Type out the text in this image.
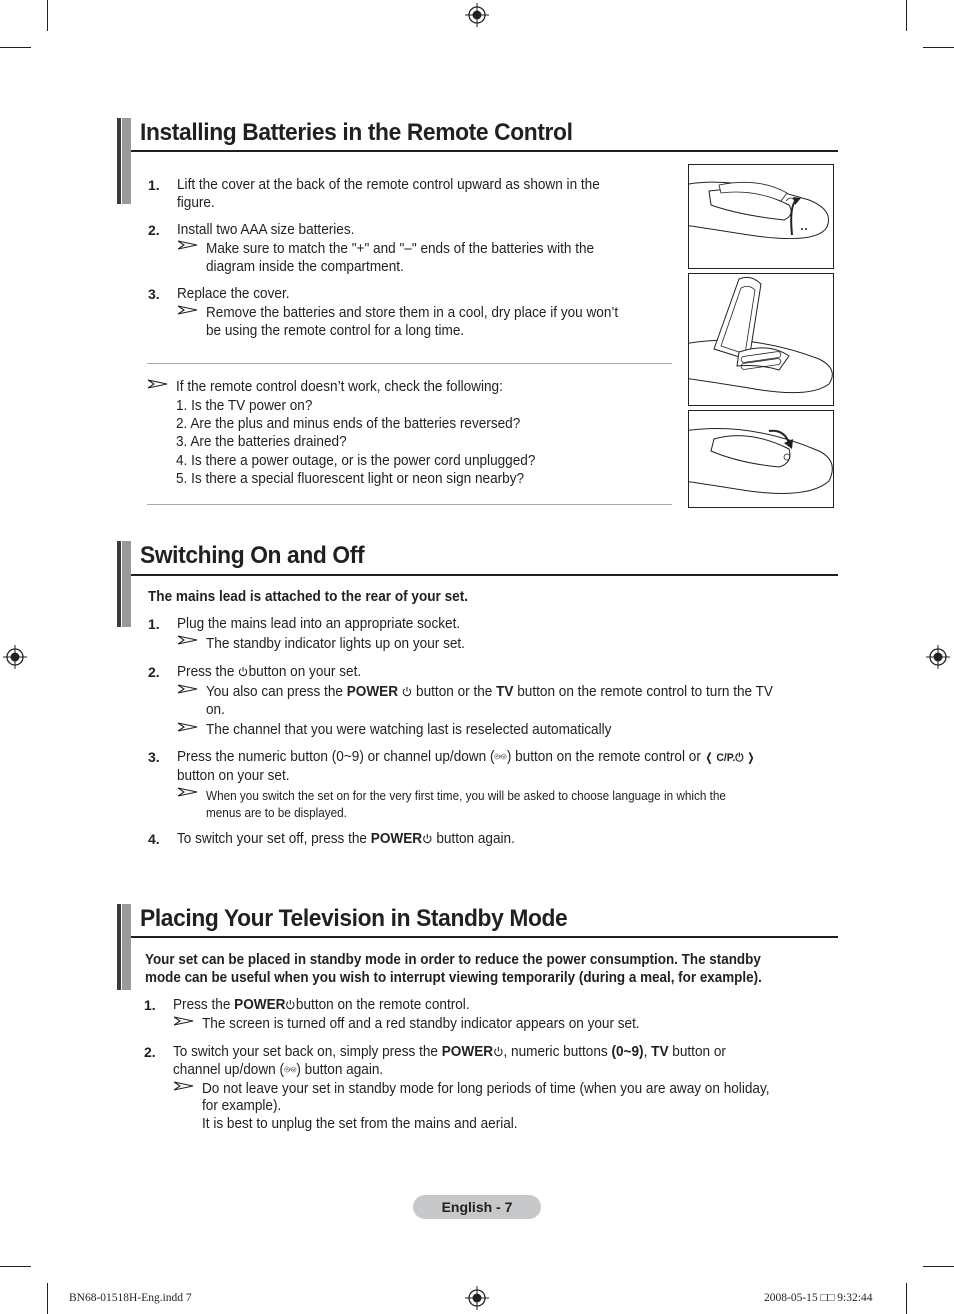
Installing Batteries in the Remote Control
1. Lift the cover at the back of the remote control upward as shown in the
figure.
2. Install two AAA size batteries.
Make sure to match the "+" and "–" ends of the batteries with the
diagram inside the compartment.
3. Replace the cover.
Remove the batteries and store them in a cool, dry place if you won’t
be using the remote control for a long time.
If the remote control doesn’t work, check the following:
1. Is the TV power on?
2. Are the plus and minus ends of the batteries reversed?
3. Are the batteries drained?
4. Is there a power outage, or is the power cord unplugged?
5. Is there a special fluorescent light or neon sign nearby?
Switching On and Off
The mains lead is attached to the rear of your set.
1. Plug the mains lead into an appropriate socket.
The standby indicator lights up on your set.
2. Press the button on your set.
You also can press the POWER button or the TV button on the remote control to turn the TV
on.
The channel that you were watching last is reselected automatically
3. Press the numeric button (0~9) or channel up/down ( / ) button on the remote control or ❬ C/P.⏻ ❭
button on your set.
When you switch the set on for the very first time, you will be asked to choose language in which the
menus are to be displayed.
4. To switch your set off, press the POWER button again.
Placing Your Television in Standby Mode
Your set can be placed in standby mode in order to reduce the power consumption. The standby
mode can be useful when you wish to interrupt viewing temporarily (during a meal, for example).
1. Press the POWER button on the remote control.
The screen is turned off and a red standby indicator appears on your set.
2. To switch your set back on, simply press the POWER , numeric buttons (0~9), TV button or
channel up/down ( / ) button again.
Do not leave your set in standby mode for long periods of time (when you are away on holiday,
for example).
It is best to unplug the set from the mains and aerial.
English - 7
BN68-01518H-Eng.indd 7	2008-05-15 □□ 9:32:44
